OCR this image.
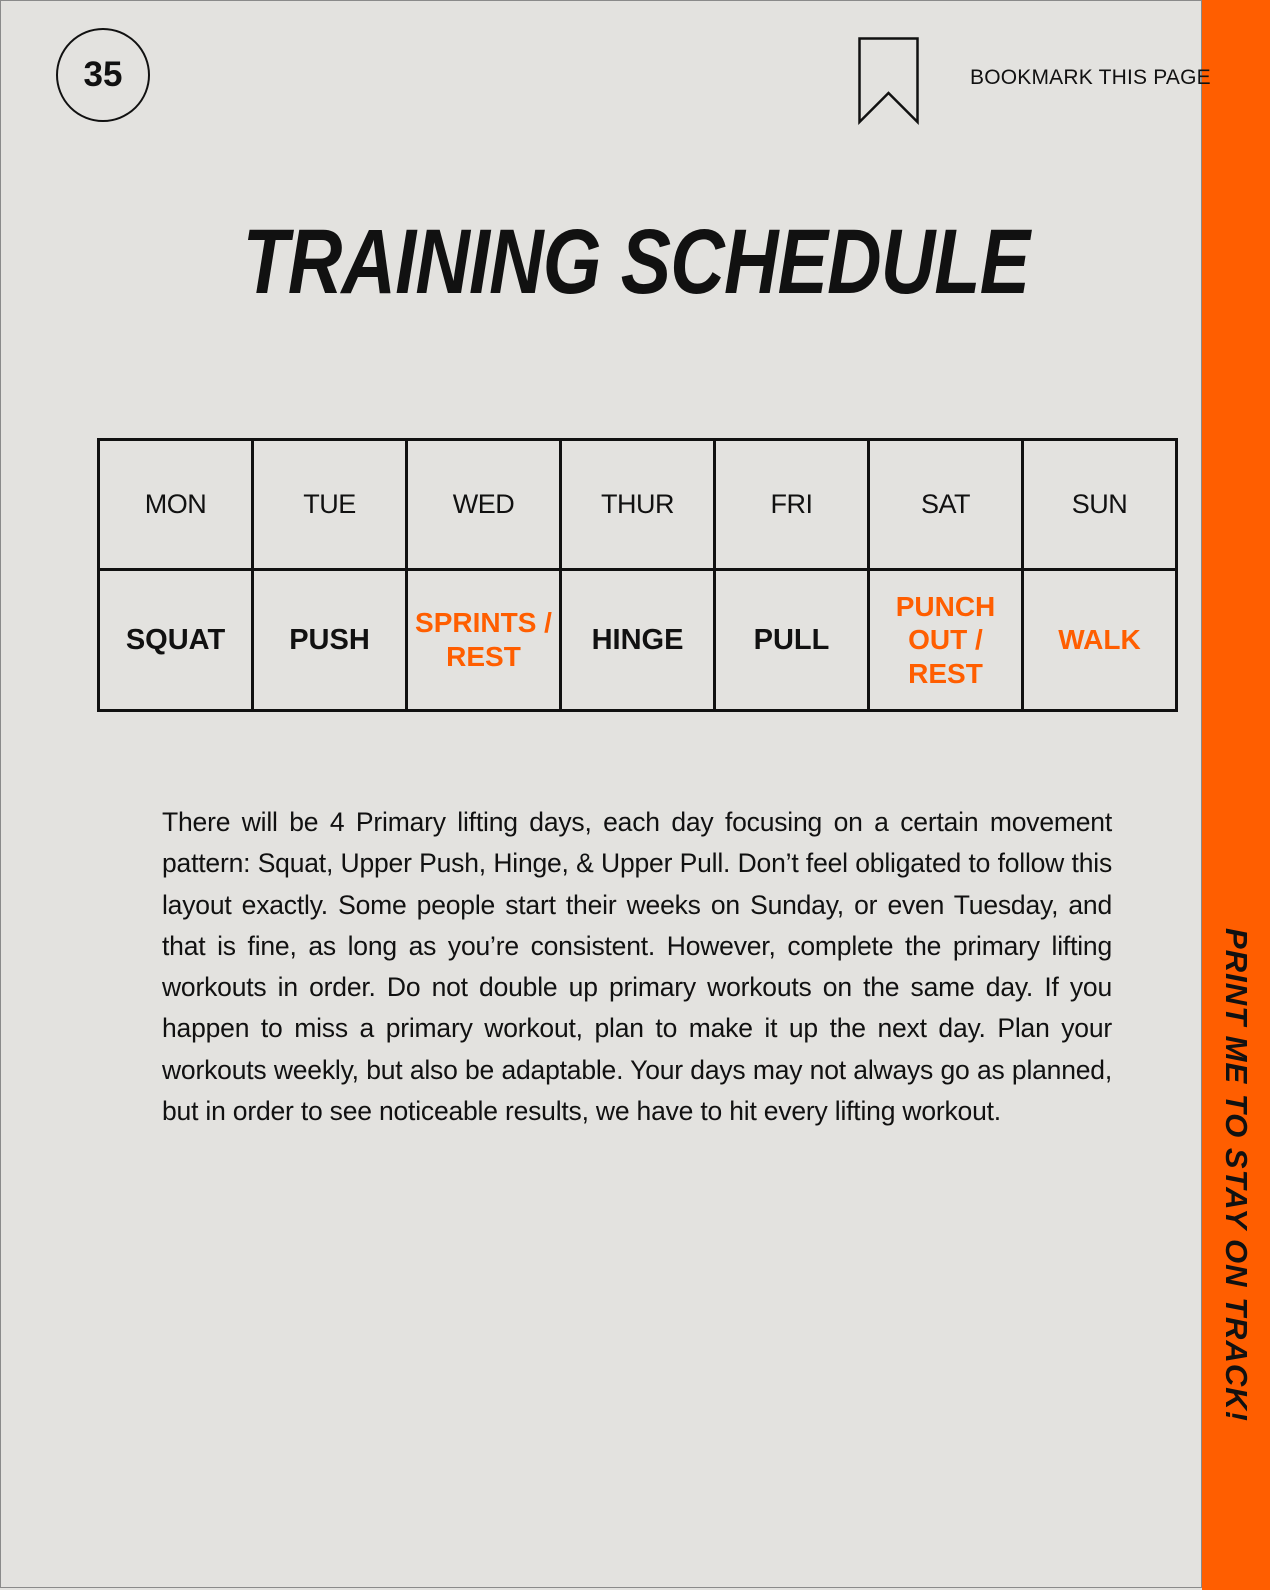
PRINT ME TO STAY ON TRACK!
35	BOOKMARK THIS PAGE
TRAINING SCHEDULE
MON	TUE	WED	THUR	FRI	SAT	SUN
SQUAT	PUSH	SPRINTS / REST	HINGE	PULL	PUNCH OUT / REST	WALK

There will be 4 Primary lifting days, each day focusing on a certain movement pattern: Squat, Upper Push, Hinge, & Upper Pull. Don’t feel obligated to follow this layout exactly. Some people start their weeks on Sunday, or even Tuesday, and that is fine, as long as you’re consistent. However, complete the primary lifting workouts in order. Do not double up primary workouts on the same day. If you happen to miss a primary workout, plan to make it up the next day. Plan your workouts weekly, but also be adaptable. Your days may not always go as planned, but in order to see noticeable results, we have to hit every lifting workout.
